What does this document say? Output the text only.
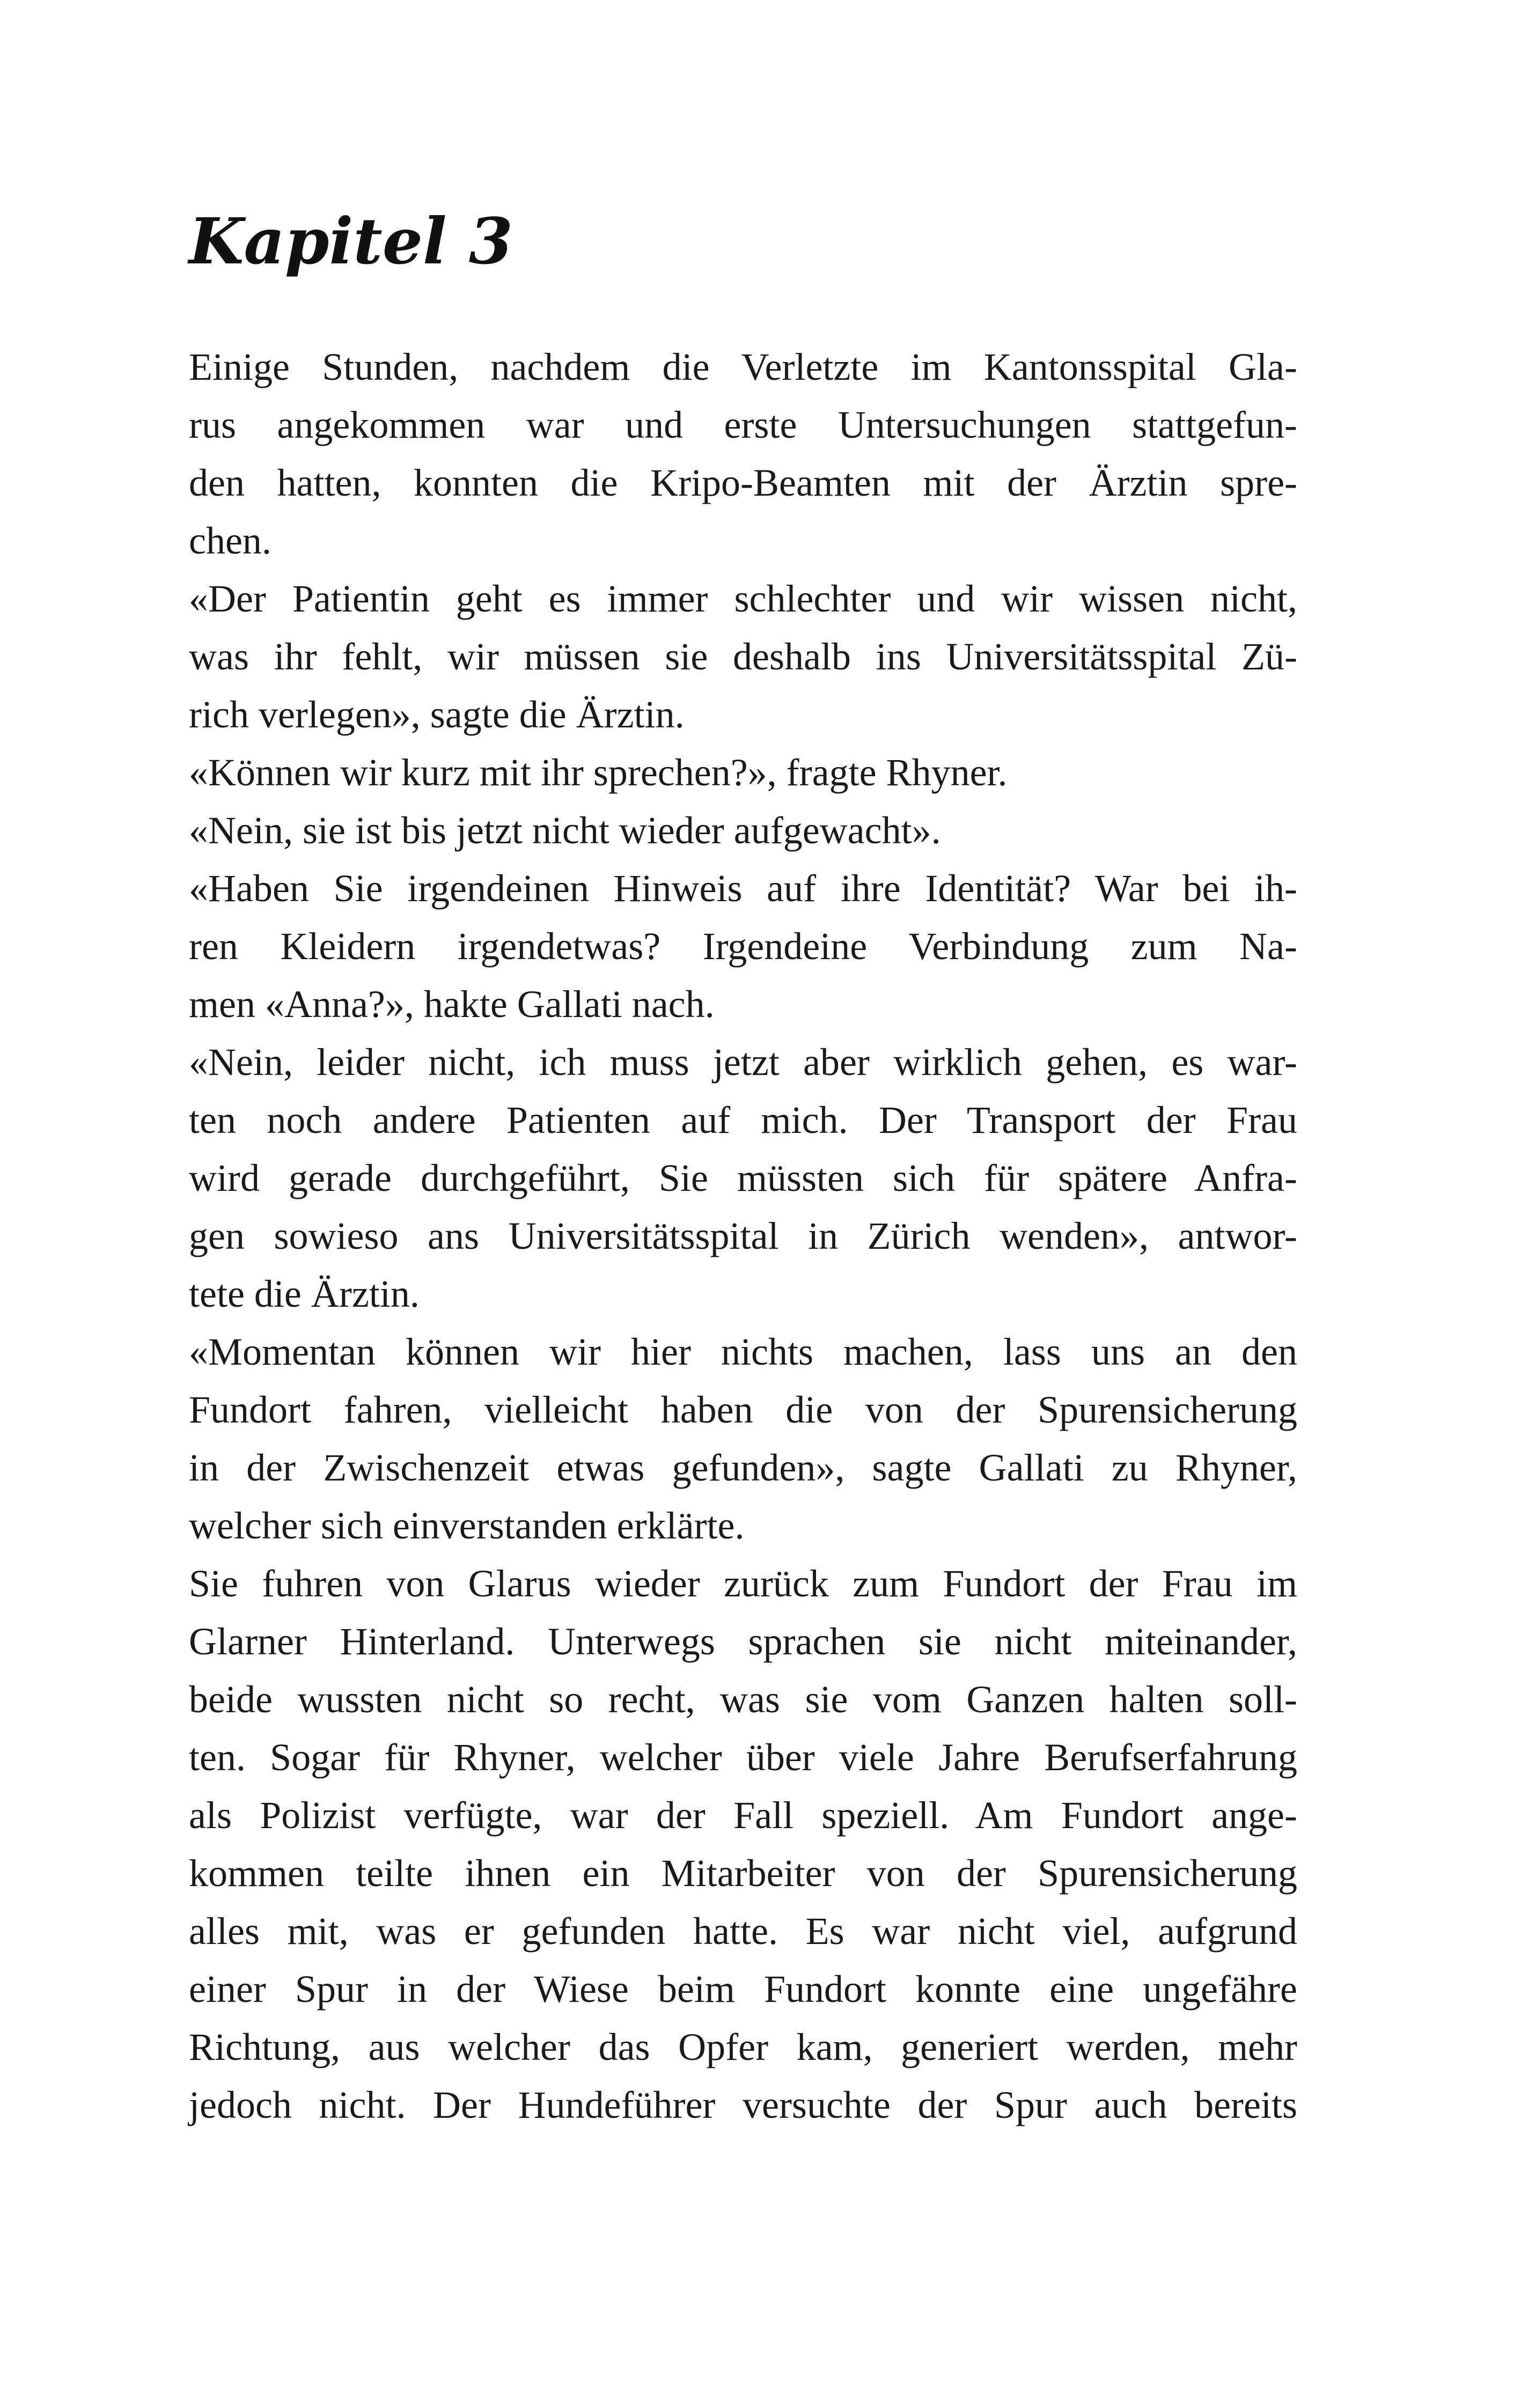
Kapitel 3
Einige Stunden, nachdem die Verletzte im Kantonsspital Gla-
rus angekommen war und erste Untersuchungen stattgefun-
den hatten, konnten die Kripo-Beamten mit der Ärztin spre-
chen.
«Der Patientin geht es immer schlechter und wir wissen nicht,
was ihr fehlt, wir müssen sie deshalb ins Universitätsspital Zü-
rich verlegen», sagte die Ärztin.
«Können wir kurz mit ihr sprechen?», fragte Rhyner.
«Nein, sie ist bis jetzt nicht wieder aufgewacht».
«Haben Sie irgendeinen Hinweis auf ihre Identität? War bei ih-
ren Kleidern irgendetwas? Irgendeine Verbindung zum Na-
men «Anna?», hakte Gallati nach.
«Nein, leider nicht, ich muss jetzt aber wirklich gehen, es war-
ten noch andere Patienten auf mich. Der Transport der Frau
wird gerade durchgeführt, Sie müssten sich für spätere Anfra-
gen sowieso ans Universitätsspital in Zürich wenden», antwor-
tete die Ärztin.
«Momentan können wir hier nichts machen, lass uns an den
Fundort fahren, vielleicht haben die von der Spurensicherung
in der Zwischenzeit etwas gefunden», sagte Gallati zu Rhyner,
welcher sich einverstanden erklärte.
Sie fuhren von Glarus wieder zurück zum Fundort der Frau im
Glarner Hinterland. Unterwegs sprachen sie nicht miteinander,
beide wussten nicht so recht, was sie vom Ganzen halten soll-
ten. Sogar für Rhyner, welcher über viele Jahre Berufserfahrung
als Polizist verfügte, war der Fall speziell. Am Fundort ange-
kommen teilte ihnen ein Mitarbeiter von der Spurensicherung
alles mit, was er gefunden hatte. Es war nicht viel, aufgrund
einer Spur in der Wiese beim Fundort konnte eine ungefähre
Richtung, aus welcher das Opfer kam, generiert werden, mehr
jedoch nicht. Der Hundeführer versuchte der Spur auch bereits
